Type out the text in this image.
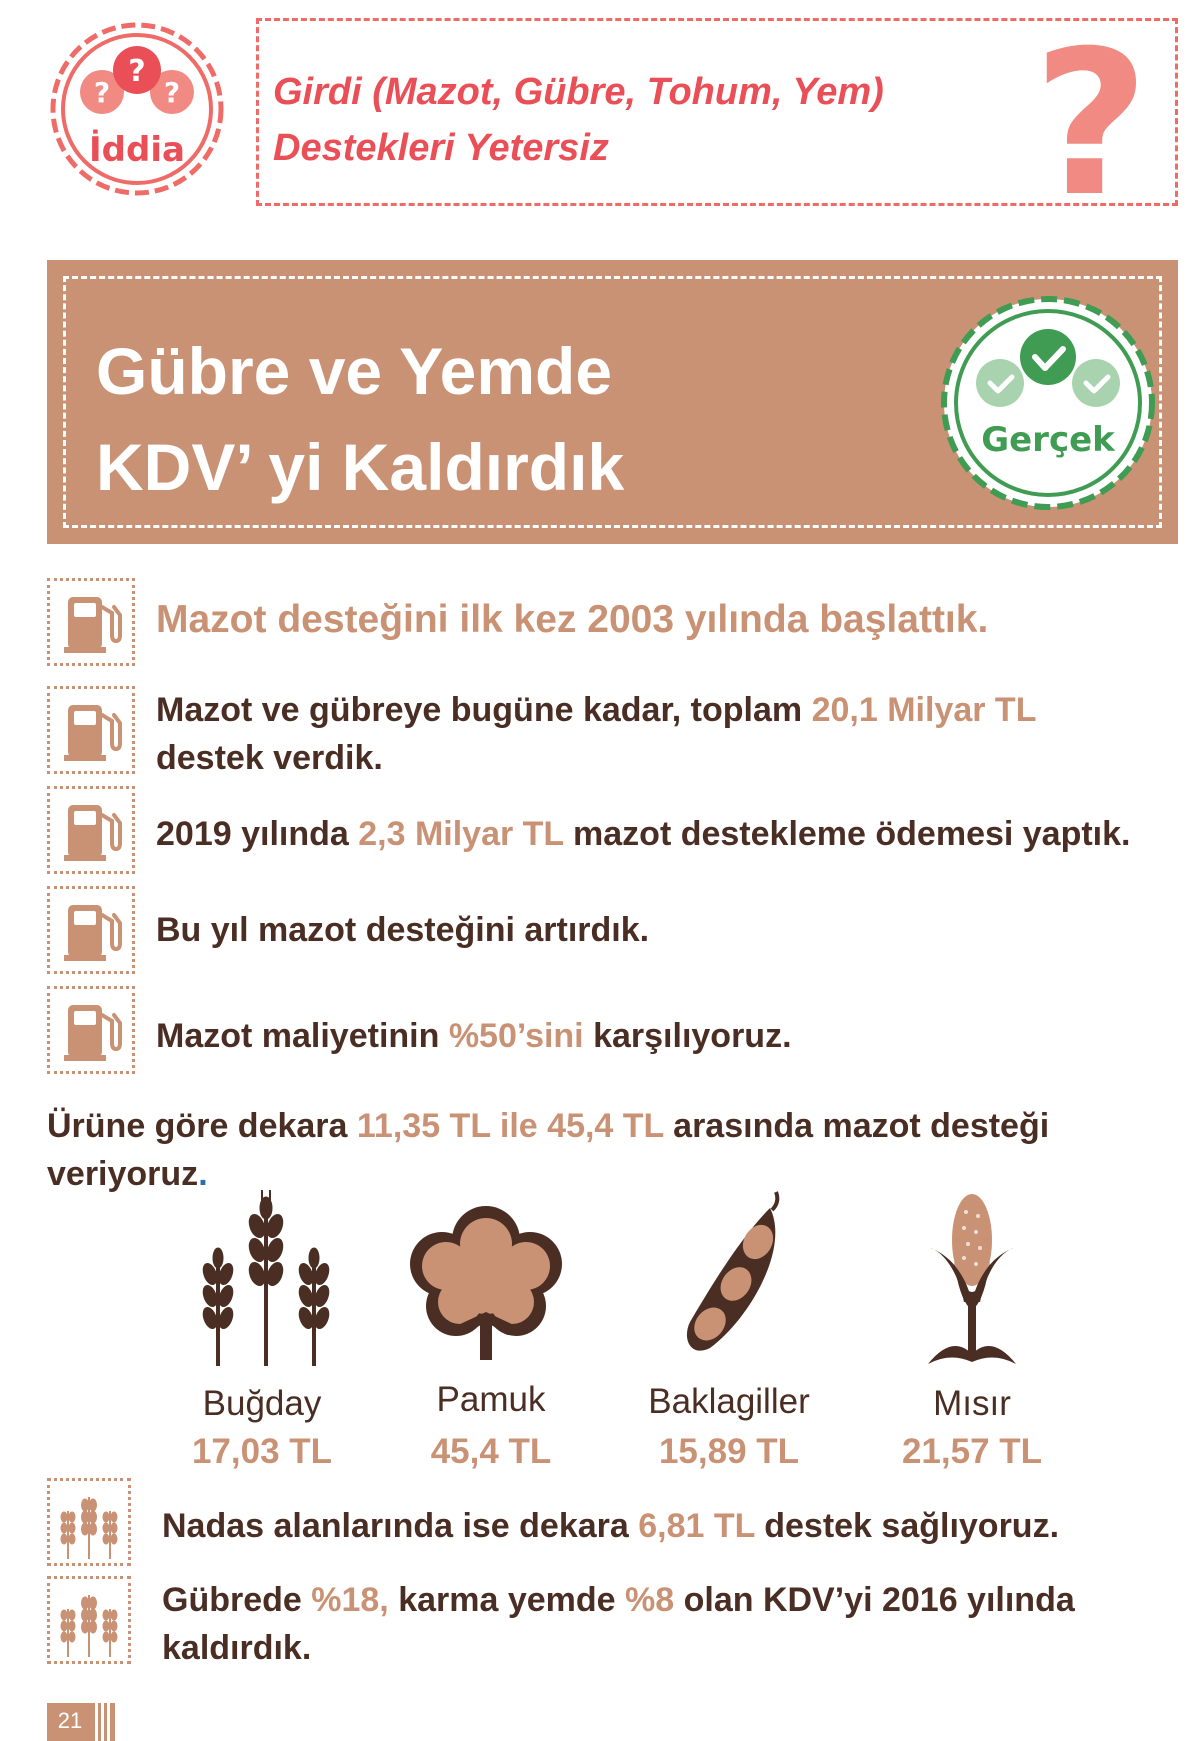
? ?
?
İddia
Girdi (Mazot, Gübre, Tohum, Yem)
Destekleri Yetersiz ?
Gübre ve Yemde
KDV’ yi Kaldırdık	Gerçek
Mazot desteğini ilk kez 2003 yılında başlattık.
Mazot ve gübreye bugüne kadar, toplam 20,1 Milyar TL
destek verdik.
2019 yılında 2,3 Milyar TL mazot destekleme ödemesi yaptık.
Bu yıl mazot desteğini artırdık.
Mazot maliyetinin %50’sini karşılıyoruz.
Ürüne göre dekara 11,35 TL ile 45,4 TL arasında mazot desteği
veriyoruz.
Buğday
17,03 TL
Pamuk
45,4 TL
Baklagiller
15,89 TL
Mısır
21,57 TL
Nadas alanlarında ise dekara 6,81 TL destek sağlıyoruz.
Gübrede %18, karma yemde %8 olan KDV’yi 2016 yılında
kaldırdık.
21
